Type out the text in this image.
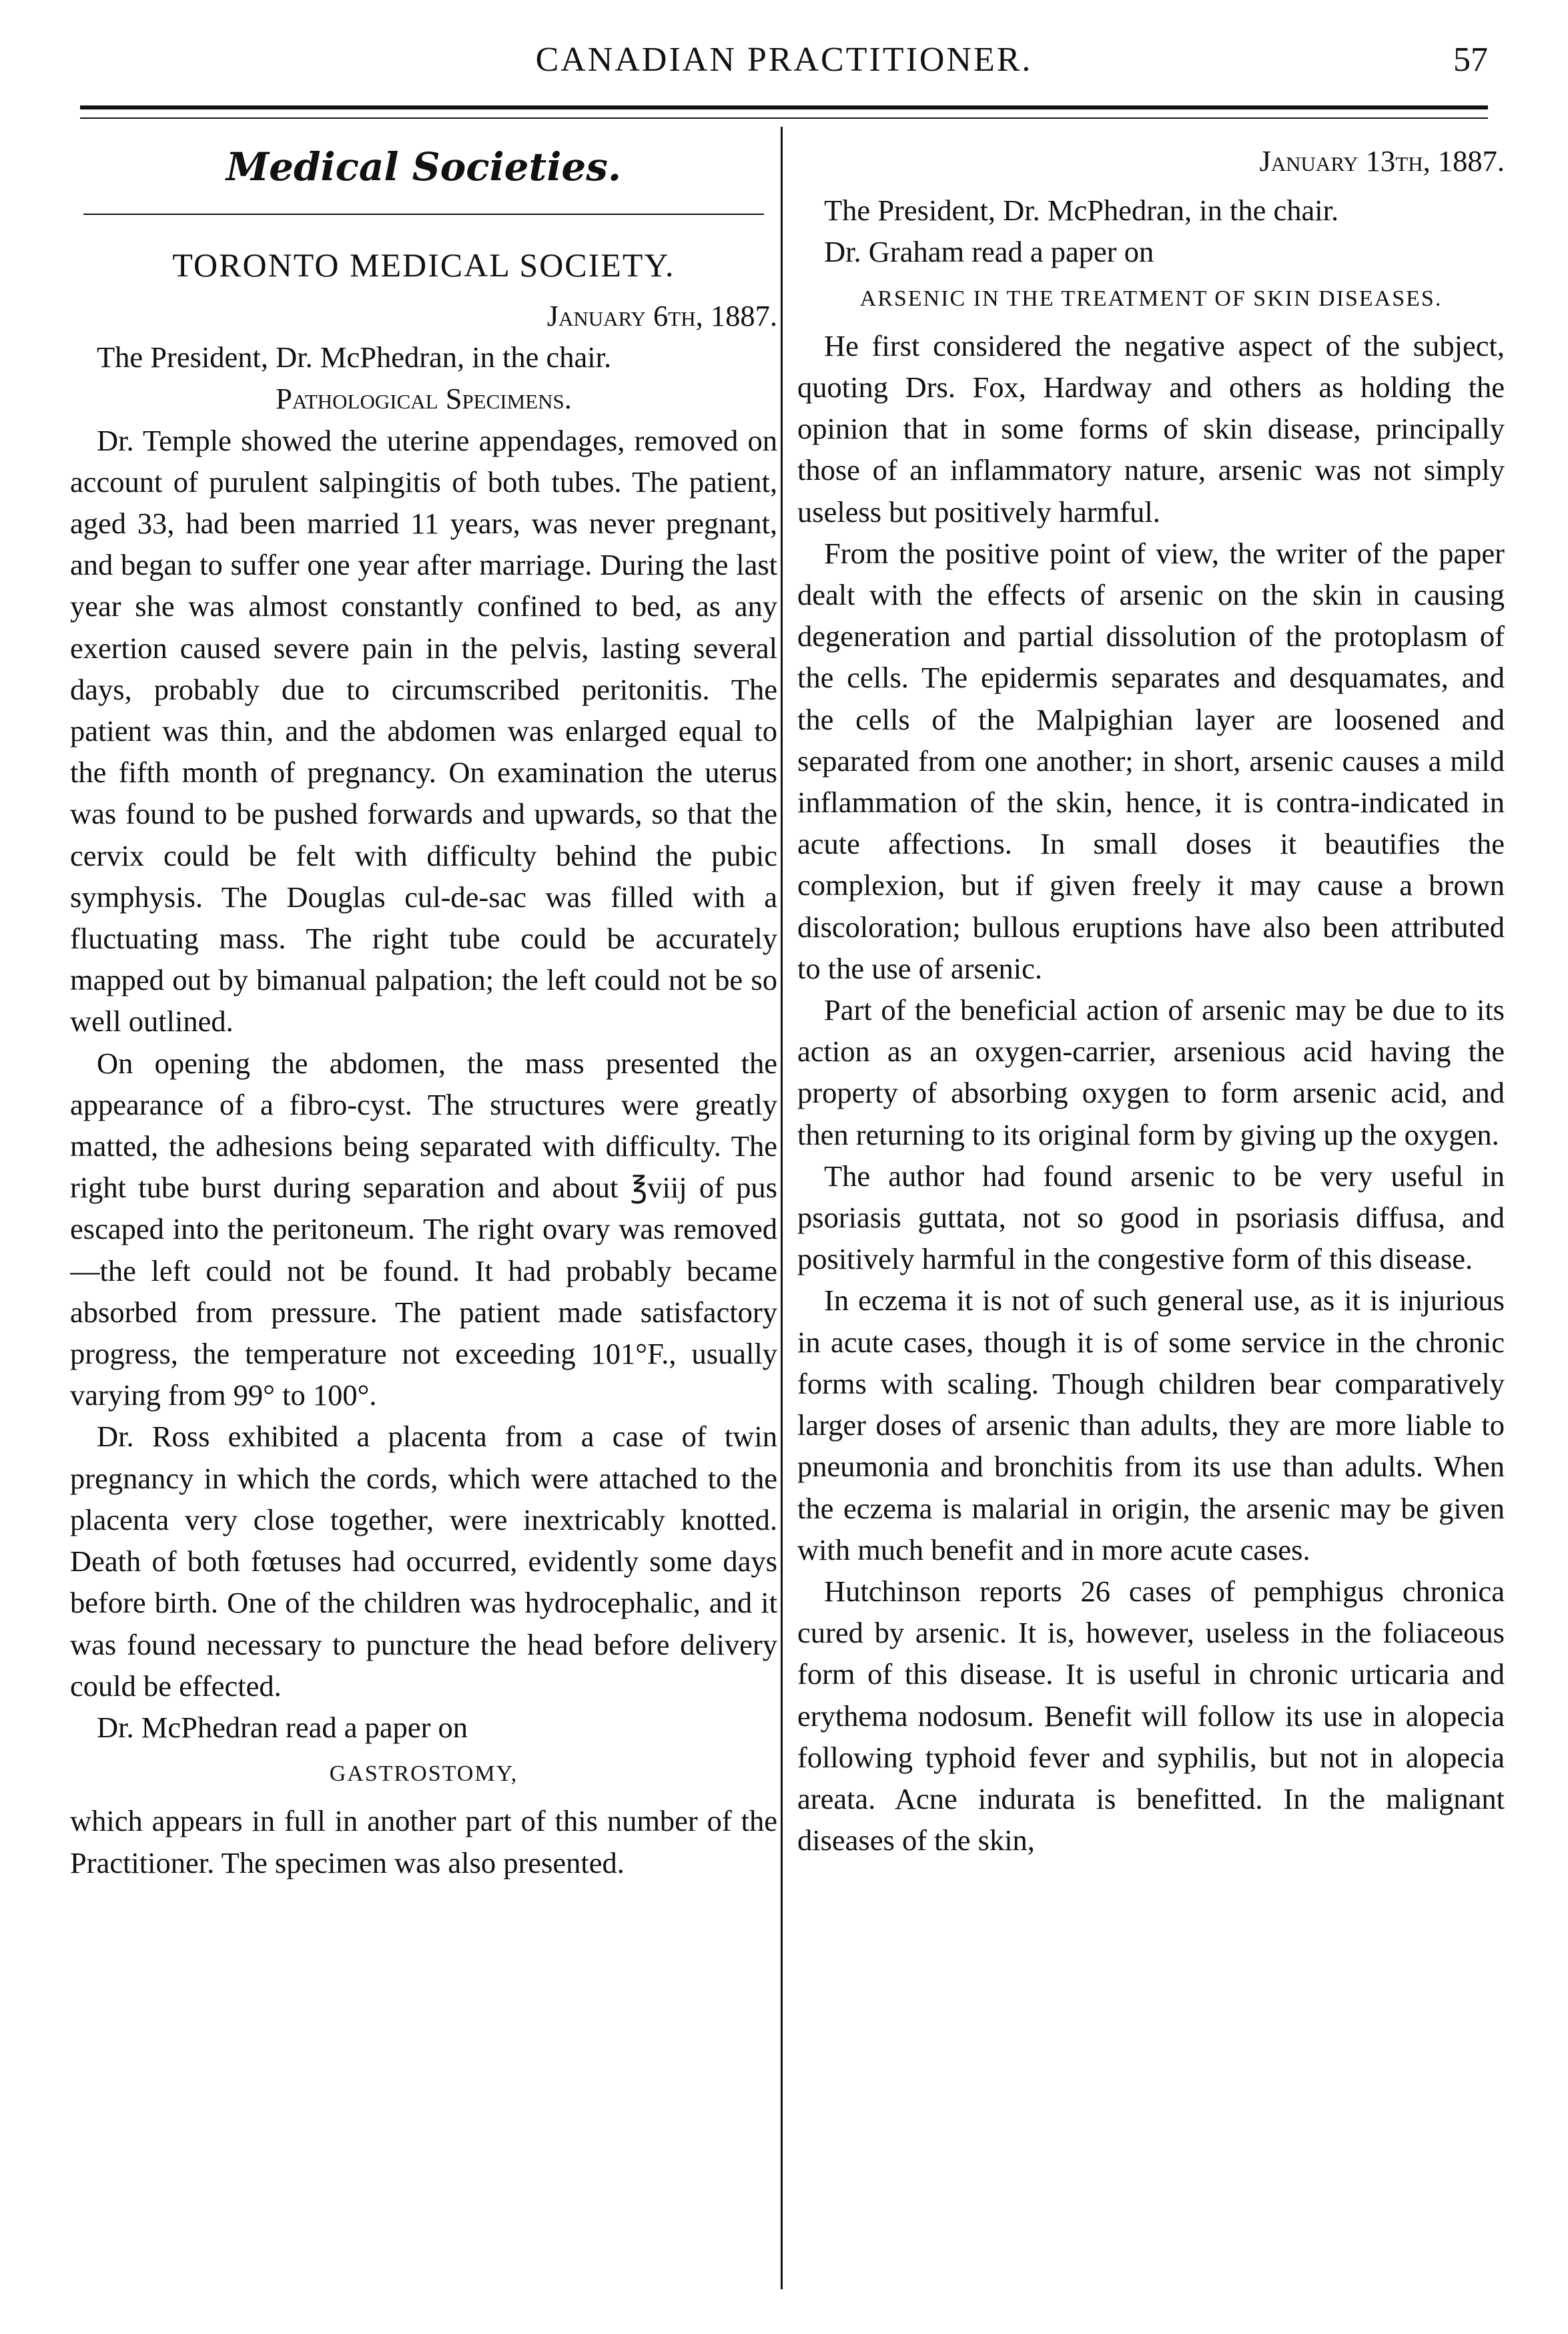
CANADIAN PRACTITIONER.	57
Medical Societies.
TORONTO MEDICAL SOCIETY.

January 6th, 1887.

The President, Dr. McPhedran, in the chair.

Pathological Specimens.

Dr. Temple showed the uterine appendages, removed on account of purulent salpingitis of both tubes. The patient, aged 33, had been married 11 years, was never pregnant, and began to suffer one year after marriage. During the last year she was almost constantly confined to bed, as any exertion caused severe pain in the pelvis, lasting several days, probably due to circumscribed peritonitis. The patient was thin, and the abdomen was enlarged equal to the fifth month of pregnancy. On examination the uterus was found to be pushed forwards and upwards, so that the cervix could be felt with difficulty behind the pubic symphysis. The Douglas cul-de-sac was filled with a fluctuating mass. The right tube could be accurately mapped out by bimanual palpation; the left could not be so well outlined.

On opening the abdomen, the mass presented the appearance of a fibro-cyst. The structures were greatly matted, the adhesions being separated with difficulty. The right tube burst during separation and about ℥viij of pus escaped into the peritoneum. The right ovary was removed—the left could not be found. It had probably became absorbed from pressure. The patient made satisfactory progress, the temperature not exceeding 101°F., usually varying from 99° to 100°.

Dr. Ross exhibited a placenta from a case of twin pregnancy in which the cords, which were attached to the placenta very close together, were inextricably knotted. Death of both fœtuses had occurred, evidently some days before birth. One of the children was hydrocephalic, and it was found necessary to puncture the head before delivery could be effected.

Dr. McPhedran read a paper on

GASTROSTOMY,

which appears in full in another part of this number of the Practitioner. The specimen was also presented.

January 13th, 1887.

The President, Dr. McPhedran, in the chair.

Dr. Graham read a paper on

ARSENIC IN THE TREATMENT OF SKIN DISEASES.

He first considered the negative aspect of the subject, quoting Drs. Fox, Hardway and others as holding the opinion that in some forms of skin disease, principally those of an inflammatory nature, arsenic was not simply useless but positively harmful.

From the positive point of view, the writer of the paper dealt with the effects of arsenic on the skin in causing degeneration and partial dissolution of the protoplasm of the cells. The epidermis separates and desquamates, and the cells of the Malpighian layer are loosened and separated from one another; in short, arsenic causes a mild inflammation of the skin, hence, it is contra-indicated in acute affections. In small doses it beautifies the complexion, but if given freely it may cause a brown discoloration; bullous eruptions have also been attributed to the use of arsenic.

Part of the beneficial action of arsenic may be due to its action as an oxygen-carrier, arsenious acid having the property of absorbing oxygen to form arsenic acid, and then returning to its original form by giving up the oxygen.

The author had found arsenic to be very useful in psoriasis guttata, not so good in psoriasis diffusa, and positively harmful in the congestive form of this disease.

In eczema it is not of such general use, as it is injurious in acute cases, though it is of some service in the chronic forms with scaling. Though children bear comparatively larger doses of arsenic than adults, they are more liable to pneumonia and bronchitis from its use than adults. When the eczema is malarial in origin, the arsenic may be given with much benefit and in more acute cases.

Hutchinson reports 26 cases of pemphigus chronica cured by arsenic. It is, however, useless in the foliaceous form of this disease. It is useful in chronic urticaria and erythema nodosum. Benefit will follow its use in alopecia following typhoid fever and syphilis, but not in alopecia areata. Acne indurata is benefitted. In the malignant diseases of the skin,
